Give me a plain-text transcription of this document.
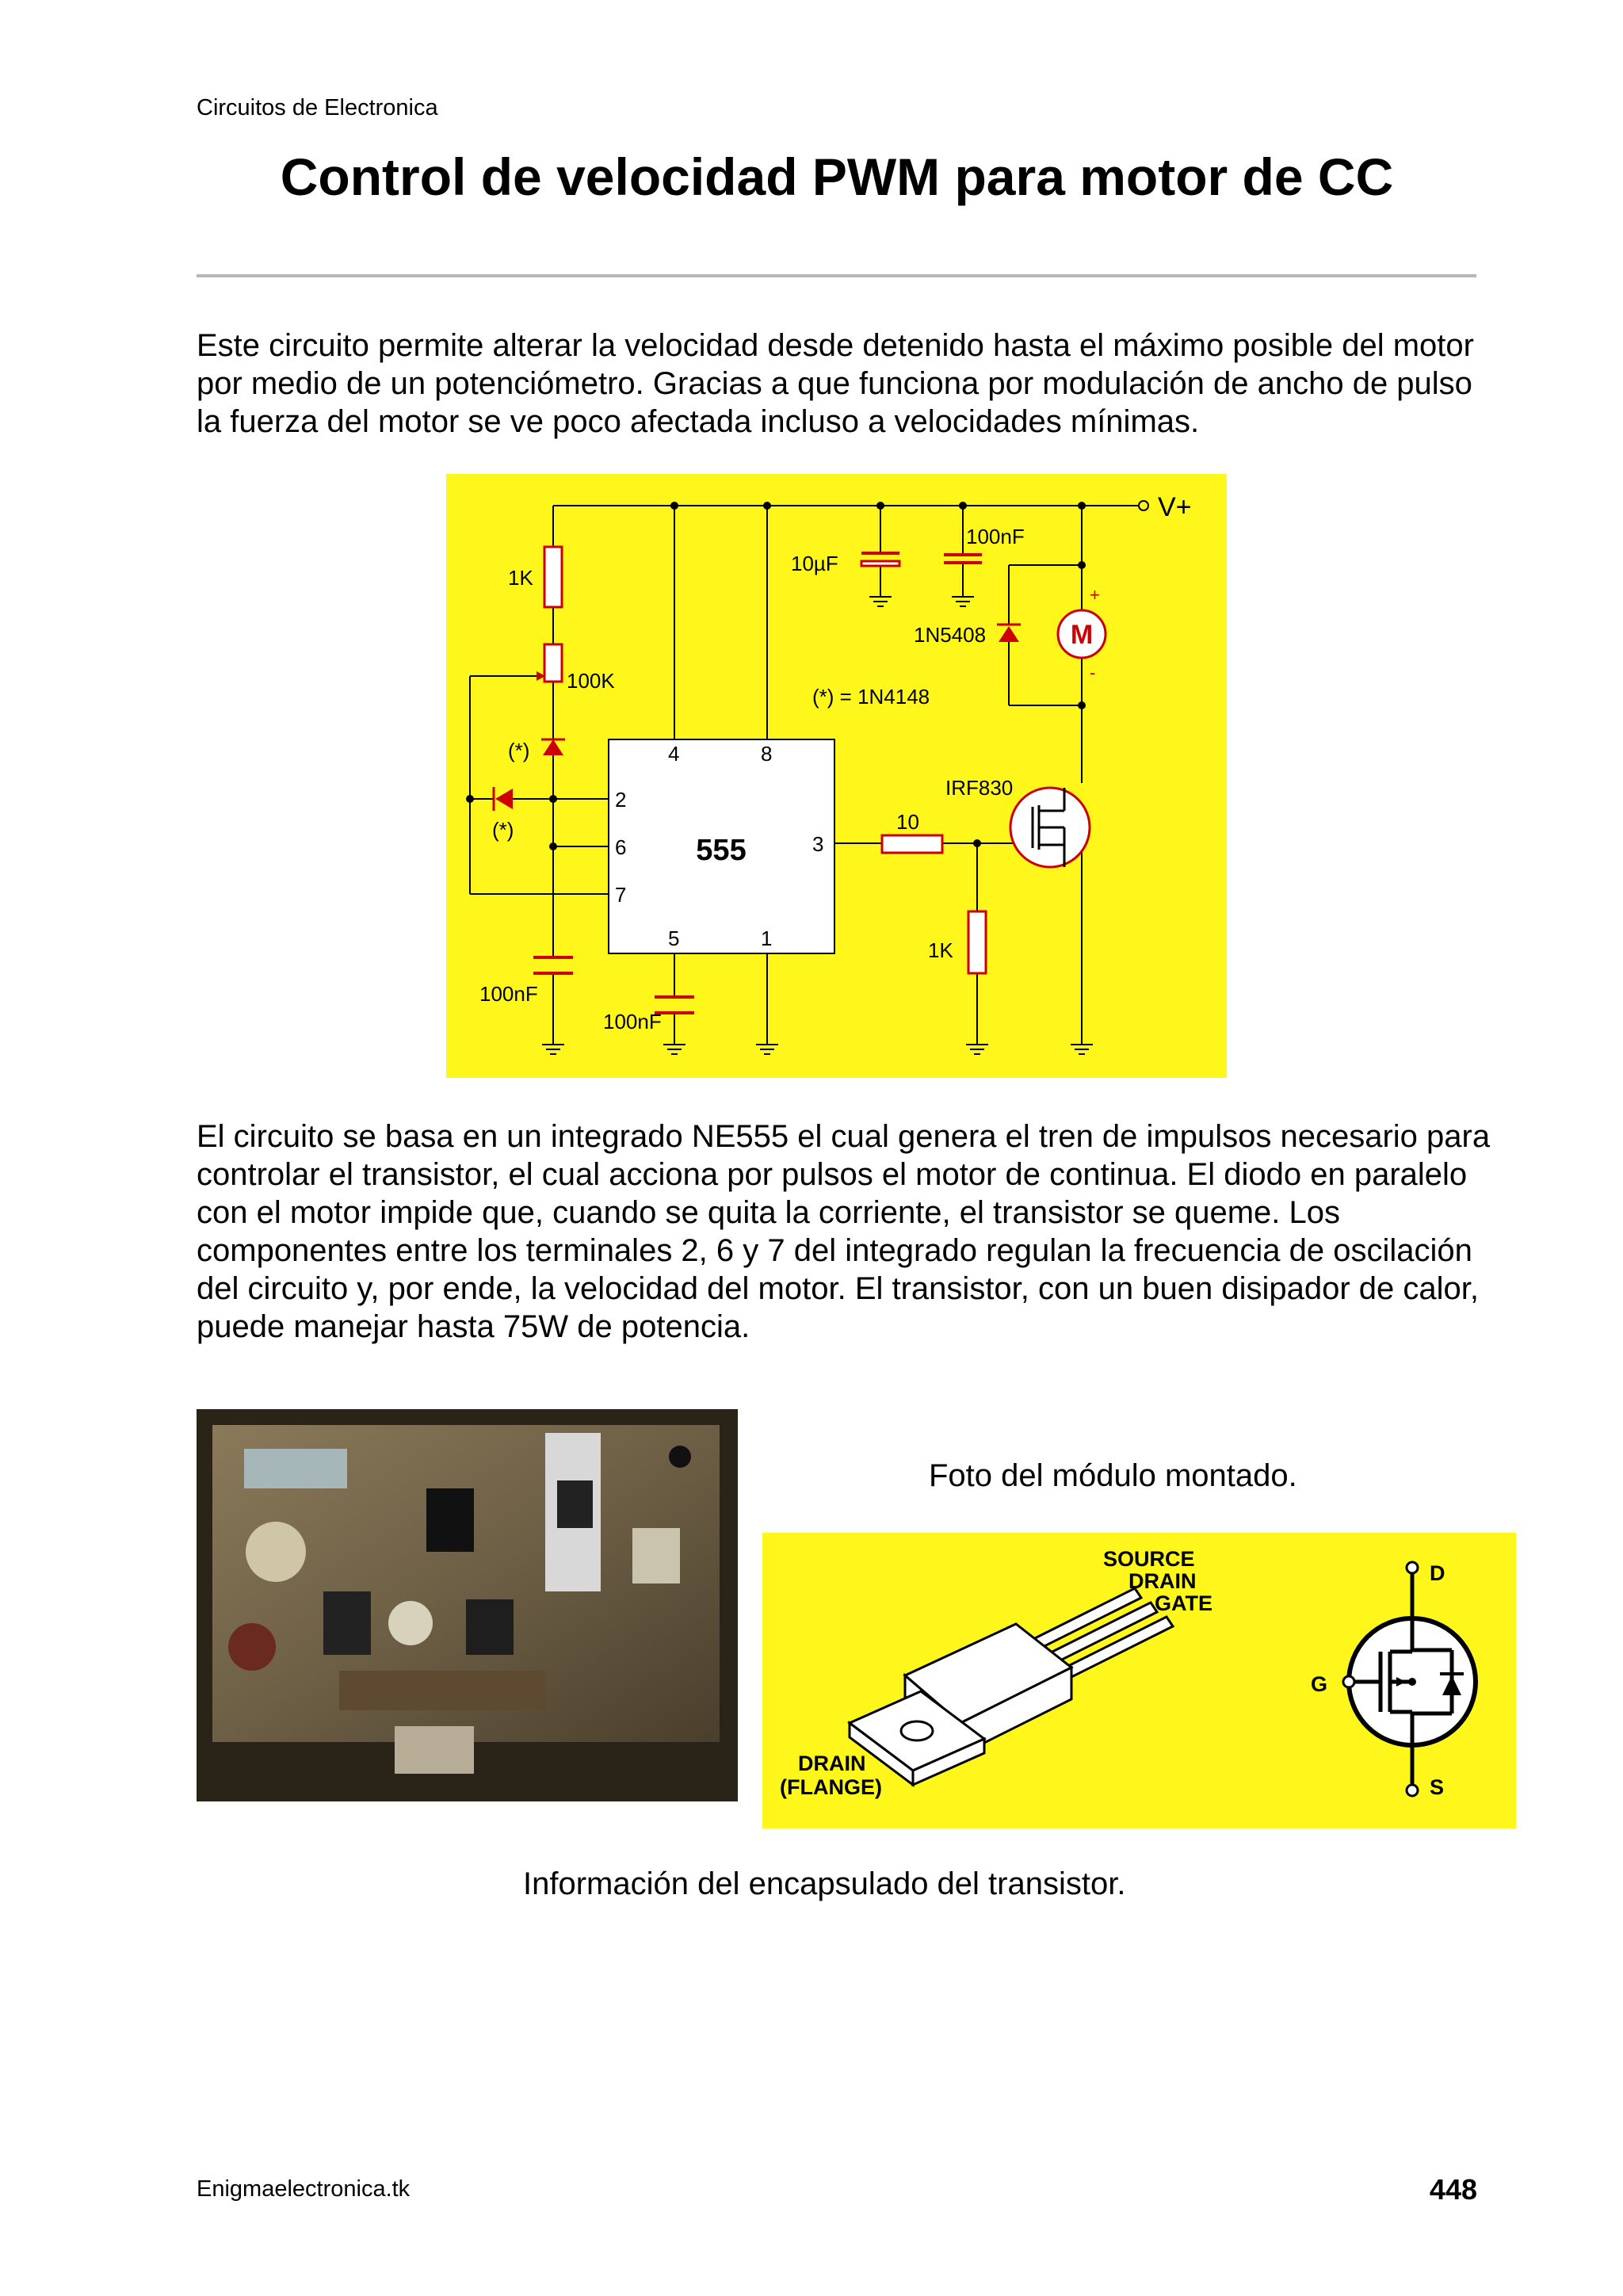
Circuitos de Electronica
Control de velocidad PWM para motor de CC
Este circuito permite alterar la velocidad desde detenido hasta el máximo posible del motor por medio de un potenciómetro. Gracias a que funciona por modulación de ancho de pulso la fuerza del motor se ve poco afectada incluso a velocidades mínimas.
V+
1K
100K
(*)
(*)
100nF
100nF
10µF
100nF
1N5408	M
+
-
(*) = 1N4148
555
4	8
2
6
7
3
5	1
10
1K
IRF830
El circuito se basa en un integrado NE555 el cual genera el tren de impulsos necesario para controlar el transistor, el cual acciona por pulsos el motor de continua. El diodo en paralelo con el motor impide que, cuando se quita la corriente, el transistor se queme. Los componentes entre los terminales 2, 6 y 7 del integrado regulan la frecuencia de oscilación del circuito y, por ende, la velocidad del motor. El transistor, con un buen disipador de calor, puede manejar hasta 75W de potencia.
Foto del módulo montado.
SOURCE
DRAIN
GATE
DRAIN
(FLANGE)
D
G
S
Información del encapsulado del transistor.
Enigmaelectronica.tk	448
